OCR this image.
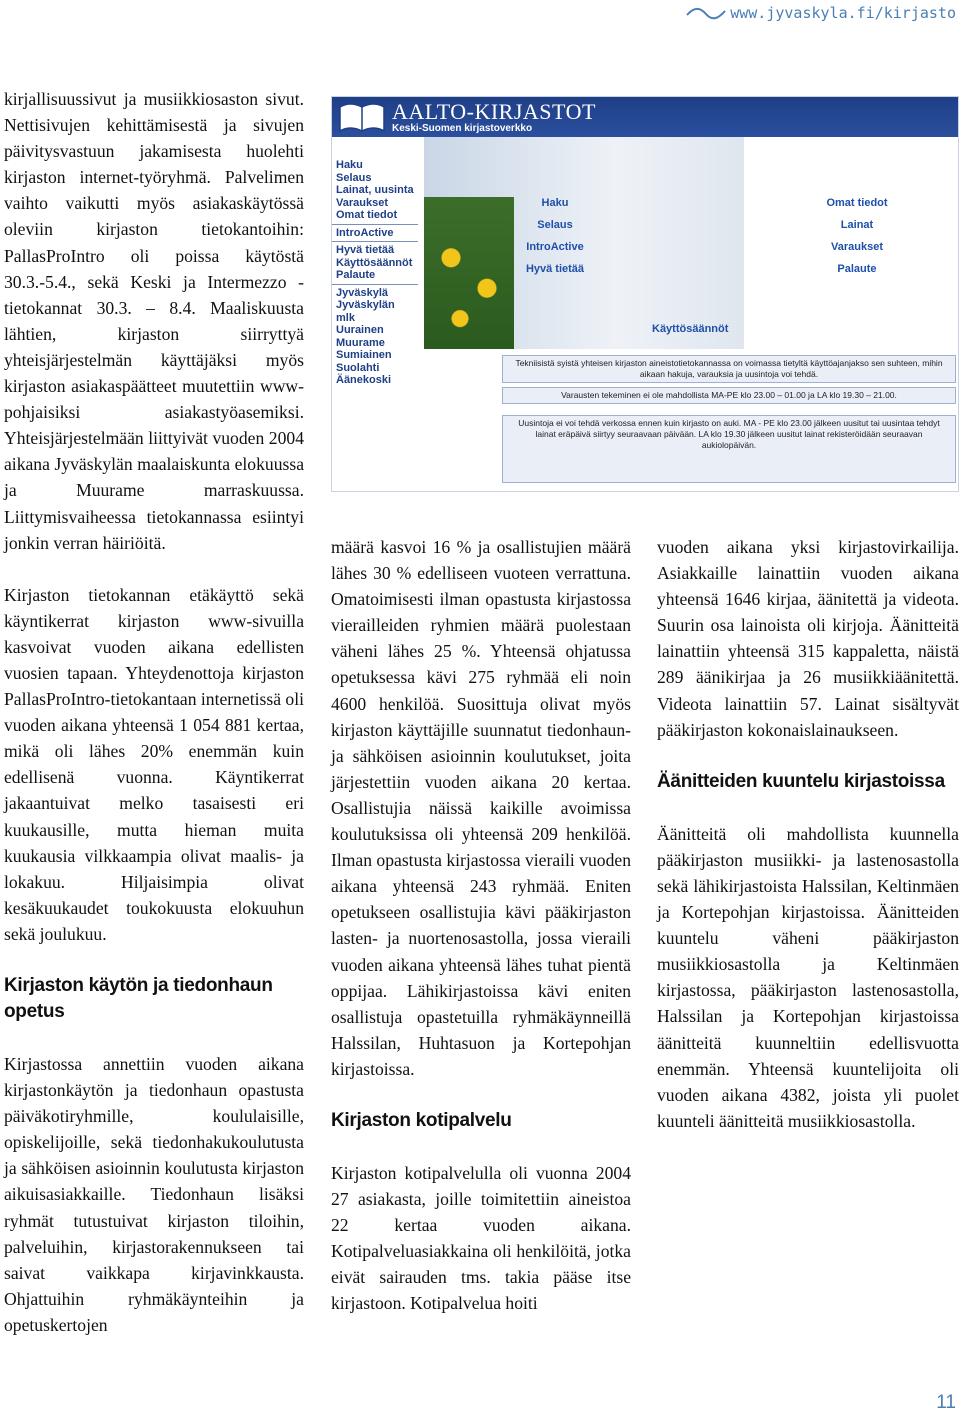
www.jyvaskyla.fi/kirjasto

kirjallisuussivut ja musiikkiosaston sivut. Nettisivujen kehittämisestä ja sivujen päivitysvastuun jakamisesta huolehti kirjaston internet-työryhmä. Palvelimen vaihto vaikutti myös asiakaskäytössä oleviin kirjaston tietokantoihin: PallasProIntro oli poissa käytöstä 30.3.-5.4., sekä Keski ja Intermezzo -tietokannat 30.3. – 8.4. Maaliskuusta lähtien, kirjaston siirryttyä yhteisjärjestelmän käyttäjäksi myös kirjaston asiakaspäätteet muutettiin www-pohjaisiksi asiakastyöasemiksi. Yhteisjärjestelmään liittyivät vuoden 2004 aikana Jyväskylän maalaiskunta elokuussa ja Muurame marraskuussa. Liittymisvaiheessa tietokannassa esiintyi jonkin verran häiriöitä.

Kirjaston tietokannan etäkäyttö sekä käyntikerrat kirjaston www-sivuilla kasvoivat vuoden aikana edellisten vuosien tapaan. Yhteydenottoja kirjaston PallasProIntro-tietokantaan internetissä oli vuoden aikana yhteensä 1 054 881 kertaa, mikä oli lähes 20% enemmän kuin edellisenä vuonna. Käyntikerrat jakaantuivat melko tasaisesti eri kuukausille, mutta hieman muita kuukausia vilkkaampia olivat maalis- ja lokakuu. Hiljaisimpia olivat kesäkuukaudet toukokuusta elokuuhun sekä joulukuu.

Kirjaston käytön ja tiedonhaun opetus

Kirjastossa annettiin vuoden aikana kirjastonkäytön ja tiedonhaun opastusta päiväkotiryhmille, koululaisille, opiskelijoille, sekä tiedonhakukoulutusta ja sähköisen asioinnin koulutusta kirjaston aikuisasiakkaille. Tiedonhaun lisäksi ryhmät tutustuivat kirjaston tiloihin, palveluihin, kirjastorakennukseen tai saivat vaikkapa kirjavinkkausta. Ohjattuihin ryhmäkäynteihin ja opetuskertojen

AALTO-KIRJASTOT
Keski-Suomen kirjastoverkko
Haku
Selaus
Lainat, uusinta
Varaukset
Omat tiedot
IntroActive
Hyvä tietää
Käyttösäännöt
Palaute
Jyväskylä
Jyväskylän mlk
Uurainen
Muurame
Sumiainen
Suolahti
Äänekoski
Haku
Selaus
IntroActive
Hyvä tietää
Omat tiedot
Lainat
Varaukset
Palaute
Käyttösäännöt
Tekniisistä syistä yhteisen kirjaston aineistotietokannassa on voimassa tietyltä käyttöajanjakso sen suhteen, mihin aikaan hakuja, varauksia ja uusintoja voi tehdä.
Varausten tekeminen ei ole mahdollista MA-PE klo 23.00 – 01.00 ja LA klo 19.30 – 21.00.
Uusintoja ei voi tehdä verkossa ennen kuin kirjasto on auki. MA - PE klo 23.00 jälkeen uusitut tai uusintaa tehdyt lainat eräpäivä siirtyy seuraavaan päivään. LA klo 19.30 jälkeen uusitut lainat rekisteröidään seuraavan aukiolopäivän.

määrä kasvoi 16 % ja osallistujien määrä lähes 30 % edelliseen vuoteen verrattuna. Omatoimisesti ilman opastusta kirjastossa vierailleiden ryhmien määrä puolestaan väheni lähes 25 %. Yhteensä ohjatussa opetuksessa kävi 275 ryhmää eli noin 4600 henkilöä. Suosittuja olivat myös kirjaston käyttäjille suunnatut tiedonhaun- ja sähköisen asioinnin koulutukset, joita järjestettiin vuoden aikana 20 kertaa. Osallistujia näissä kaikille avoimissa koulutuksissa oli yhteensä 209 henkilöä. Ilman opastusta kirjastossa vieraili vuoden aikana yhteensä 243 ryhmää. Eniten opetukseen osallistujia kävi pääkirjaston lasten- ja nuortenosastolla, jossa vieraili vuoden aikana yhteensä lähes tuhat pientä oppijaa. Lähikirjastoissa kävi eniten osallistuja opastetuilla ryhmäkäynneillä Halssilan, Huhtasuon ja Kortepohjan kirjastoissa.

Kirjaston kotipalvelu

Kirjaston kotipalvelulla oli vuonna 2004 27 asiakasta, joille toimitettiin aineistoa 22 kertaa vuoden aikana. Kotipalveluasiakkaina oli henkilöitä, jotka eivät sairauden tms. takia pääse itse kirjastoon. Kotipalvelua hoiti

vuoden aikana yksi kirjastovirkailija. Asiakkaille lainattiin vuoden aikana yhteensä 1646 kirjaa, äänitettä ja videota. Suurin osa lainoista oli kirjoja. Äänitteitä lainattiin yhteensä 315 kappaletta, näistä 289 äänikirjaa ja 26 musiikkiäänitettä. Videota lainattiin 57. Lainat sisältyvät pääkirjaston kokonaislainaukseen.

Äänitteiden kuuntelu kirjastoissa

Äänitteitä oli mahdollista kuunnella pääkirjaston musiikki- ja lastenosastolla sekä lähikirjastoista Halssilan, Keltinmäen ja Kortepohjan kirjastoissa. Äänitteiden kuuntelu väheni pääkirjaston musiikkiosastolla ja Keltinmäen kirjastossa, pääkirjaston lastenosastolla, Halssilan ja Kortepohjan kirjastoissa äänitteitä kuunneltiin edellisvuotta enemmän. Yhteensä kuuntelijoita oli vuoden aikana 4382, joista yli puolet kuunteli äänitteitä musiikkiosastolla.

11
